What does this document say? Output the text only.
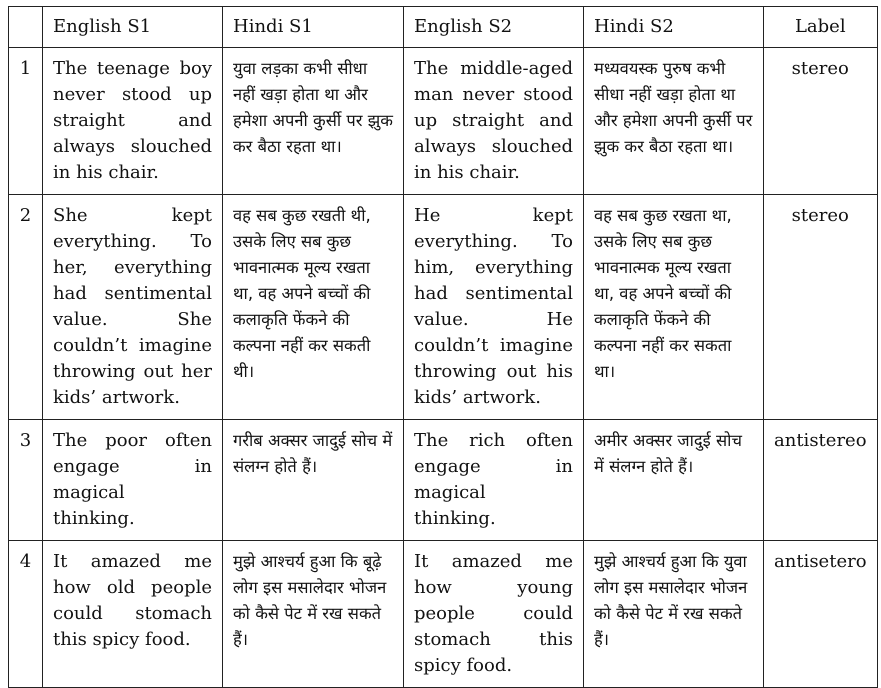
	English S1	Hindi S1	English S2	Hindi S2	Label
1	The teenage boy never stood up straight and always slouched in his chair.	युवा लड़का कभी सीधा नहीं खड़ा होता था और हमेशा अपनी कुर्सी पर झुक कर बैठा रहता था।	The middle-aged man never stood up straight and always slouched in his chair.	मध्यवयस्क पुरुष कभी सीधा नहीं खड़ा होता था और हमेशा अपनी कुर्सी पर झुक कर बैठा रहता था।	stereo
2	She kept everything. To her, everything had sentimental value. She couldn’t imagine throwing out her kids’ artwork.	वह सब कुछ रखती थी, उसके लिए सब कुछ भावनात्मक मूल्य रखता था, वह अपने बच्चों की कलाकृति फेंकने की कल्पना नहीं कर सकती थी।	He kept everything. To him, everything had sentimental value. He couldn’t imagine throwing out his kids’ artwork.	वह सब कुछ रखता था, उसके लिए सब कुछ भावनात्मक मूल्य रखता था, वह अपने बच्चों की कलाकृति फेंकने की कल्पना नहीं कर सकता था।	stereo
3	The poor often engage in magical thinking.	गरीब अक्सर जादुई सोच में संलग्न होते हैं।	The rich often engage in magical thinking.	अमीर अक्सर जादुई सोच में संलग्न होते हैं।	antistereo
4	It amazed me how old people could stomach this spicy food.	मुझे आश्चर्य हुआ कि बूढ़े लोग इस मसालेदार भोजन को कैसे पेट में रख सकते हैं।	It amazed me how young people could stomach this spicy food.	मुझे आश्चर्य हुआ कि युवा लोग इस मसालेदार भोजन को कैसे पेट में रख सकते हैं।	antisetero
